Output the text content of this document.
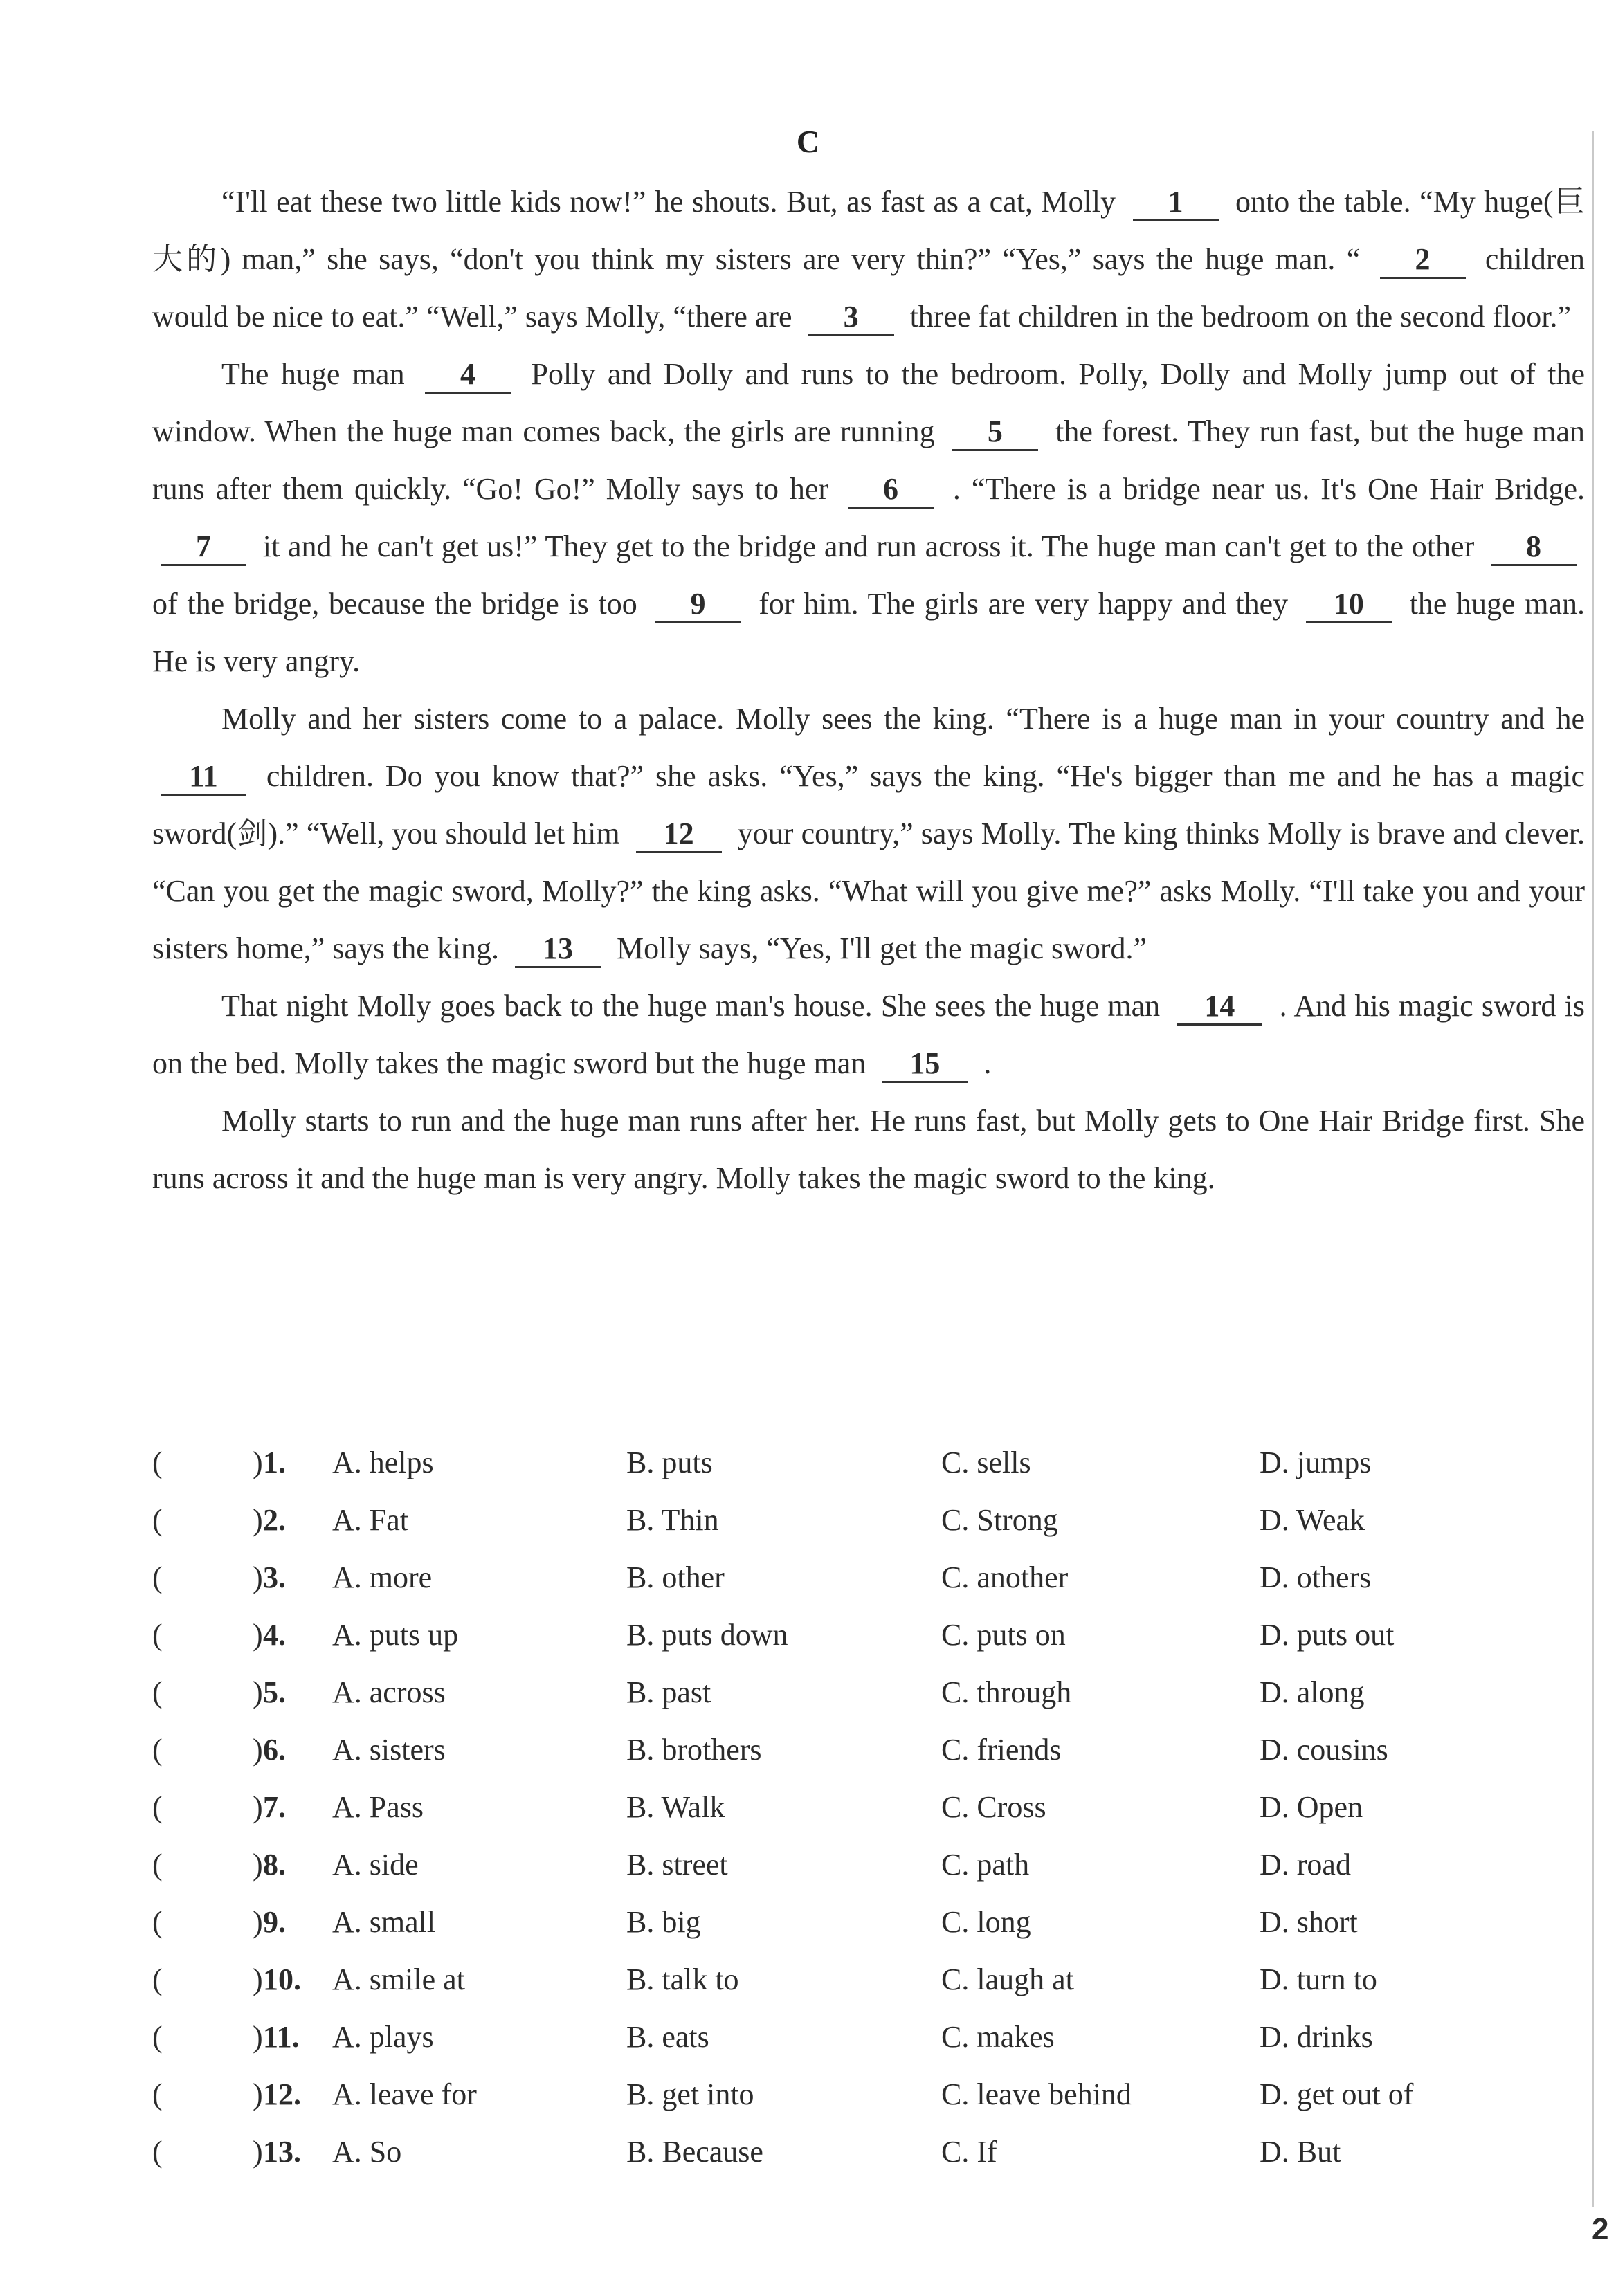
C

“I'll eat these two little kids now!” he shouts. But, as fast as a cat, Molly 1 onto the table. “My huge(巨大的) man,” she says, “don't you think my sisters are very thin?” “Yes,” says the huge man. “ 2 children would be nice to eat.” “Well,” says Molly, “there are 3 three fat children in the bedroom on the second floor.”

The huge man 4 Polly and Dolly and runs to the bedroom. Polly, Dolly and Molly jump out of the window. When the huge man comes back, the girls are running 5 the forest. They run fast, but the huge man runs after them quickly. “Go! Go!” Molly says to her 6 . “There is a bridge near us. It's One Hair Bridge. 7 it and he can't get us!” They get to the bridge and run across it. The huge man can't get to the other 8 of the bridge, because the bridge is too 9 for him. The girls are very happy and they 10 the huge man. He is very angry.

Molly and her sisters come to a palace. Molly sees the king. “There is a huge man in your country and he 11 children. Do you know that?” she asks. “Yes,” says the king. “He's bigger than me and he has a magic sword(剑).” “Well, you should let him 12 your country,” says Molly. The king thinks Molly is brave and clever. “Can you get the magic sword, Molly?” the king asks. “What will you give me?” asks Molly. “I'll take you and your sisters home,” says the king. 13 Molly says, “Yes, I'll get the magic sword.”

That night Molly goes back to the huge man's house. She sees the huge man 14 . And his magic sword is on the bed. Molly takes the magic sword but the huge man 15 .

Molly starts to run and the huge man runs after her. He runs fast, but Molly gets to One Hair Bridge first. She runs across it and the huge man is very angry. Molly takes the magic sword to the king.

(	) 1. A. helps	B. puts	C. sells	D. jumps
(	) 2. A. Fat	B. Thin	C. Strong	D. Weak
(	) 3. A. more	B. other	C. another	D. others
(	) 4. A. puts up	B. puts down	C. puts on	D. puts out
(	) 5. A. across	B. past	C. through	D. along
(	) 6. A. sisters	B. brothers	C. friends	D. cousins
(	) 7. A. Pass	B. Walk	C. Cross	D. Open
(	) 8. A. side	B. street	C. path	D. road
(	) 9. A. small	B. big	C. long	D. short
(	) 10. A. smile at	B. talk to	C. laugh at	D. turn to
(	) 11. A. plays	B. eats	C. makes	D. drinks
(	) 12. A. leave for	B. get into	C. leave behind	D. get out of
(	) 13. A. So	B. Because	C. If	D. But
2
